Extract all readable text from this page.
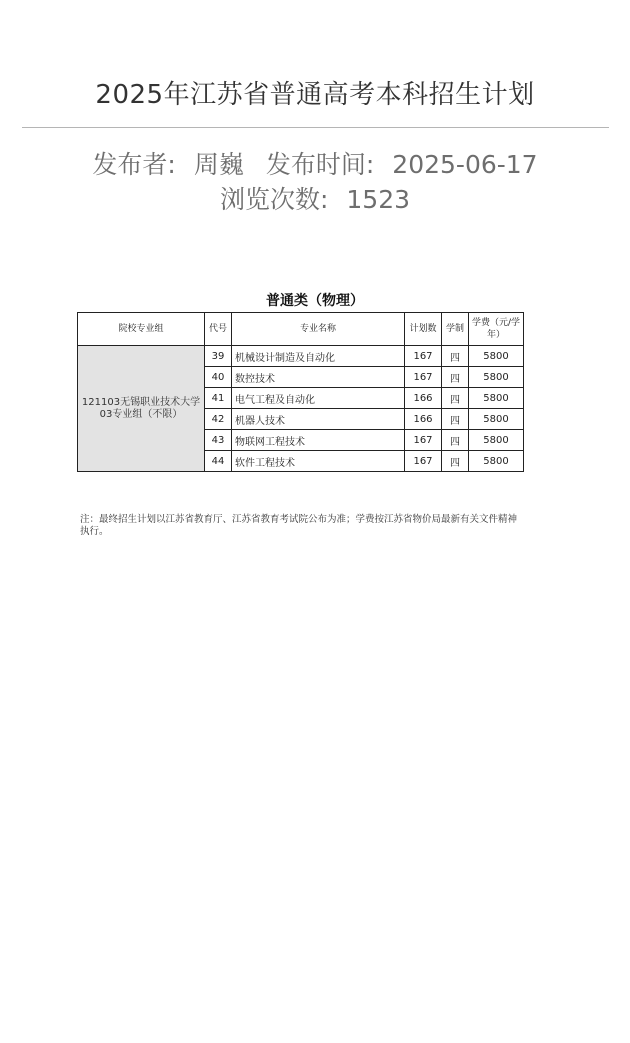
2025年江苏省普通高考本科招生计划
发布者: 周巍 发布时间: 2025-06-17
浏览次数: 1523
普通类（物理）
院校专业组	代号	专业名称	计划数	学制	学费（元/学年）
121103无锡职业技术大学03专业组（不限）	39	机械设计制造及自动化	167	四	5800
	40	数控技术	167	四	5800
	41	电气工程及自动化	166	四	5800
	42	机器人技术	166	四	5800
	43	物联网工程技术	167	四	5800
	44	软件工程技术	167	四	5800
注：最终招生计划以江苏省教育厅、江苏省教育考试院公布为准；学费按江苏省物价局最新有关文件精神执行。
